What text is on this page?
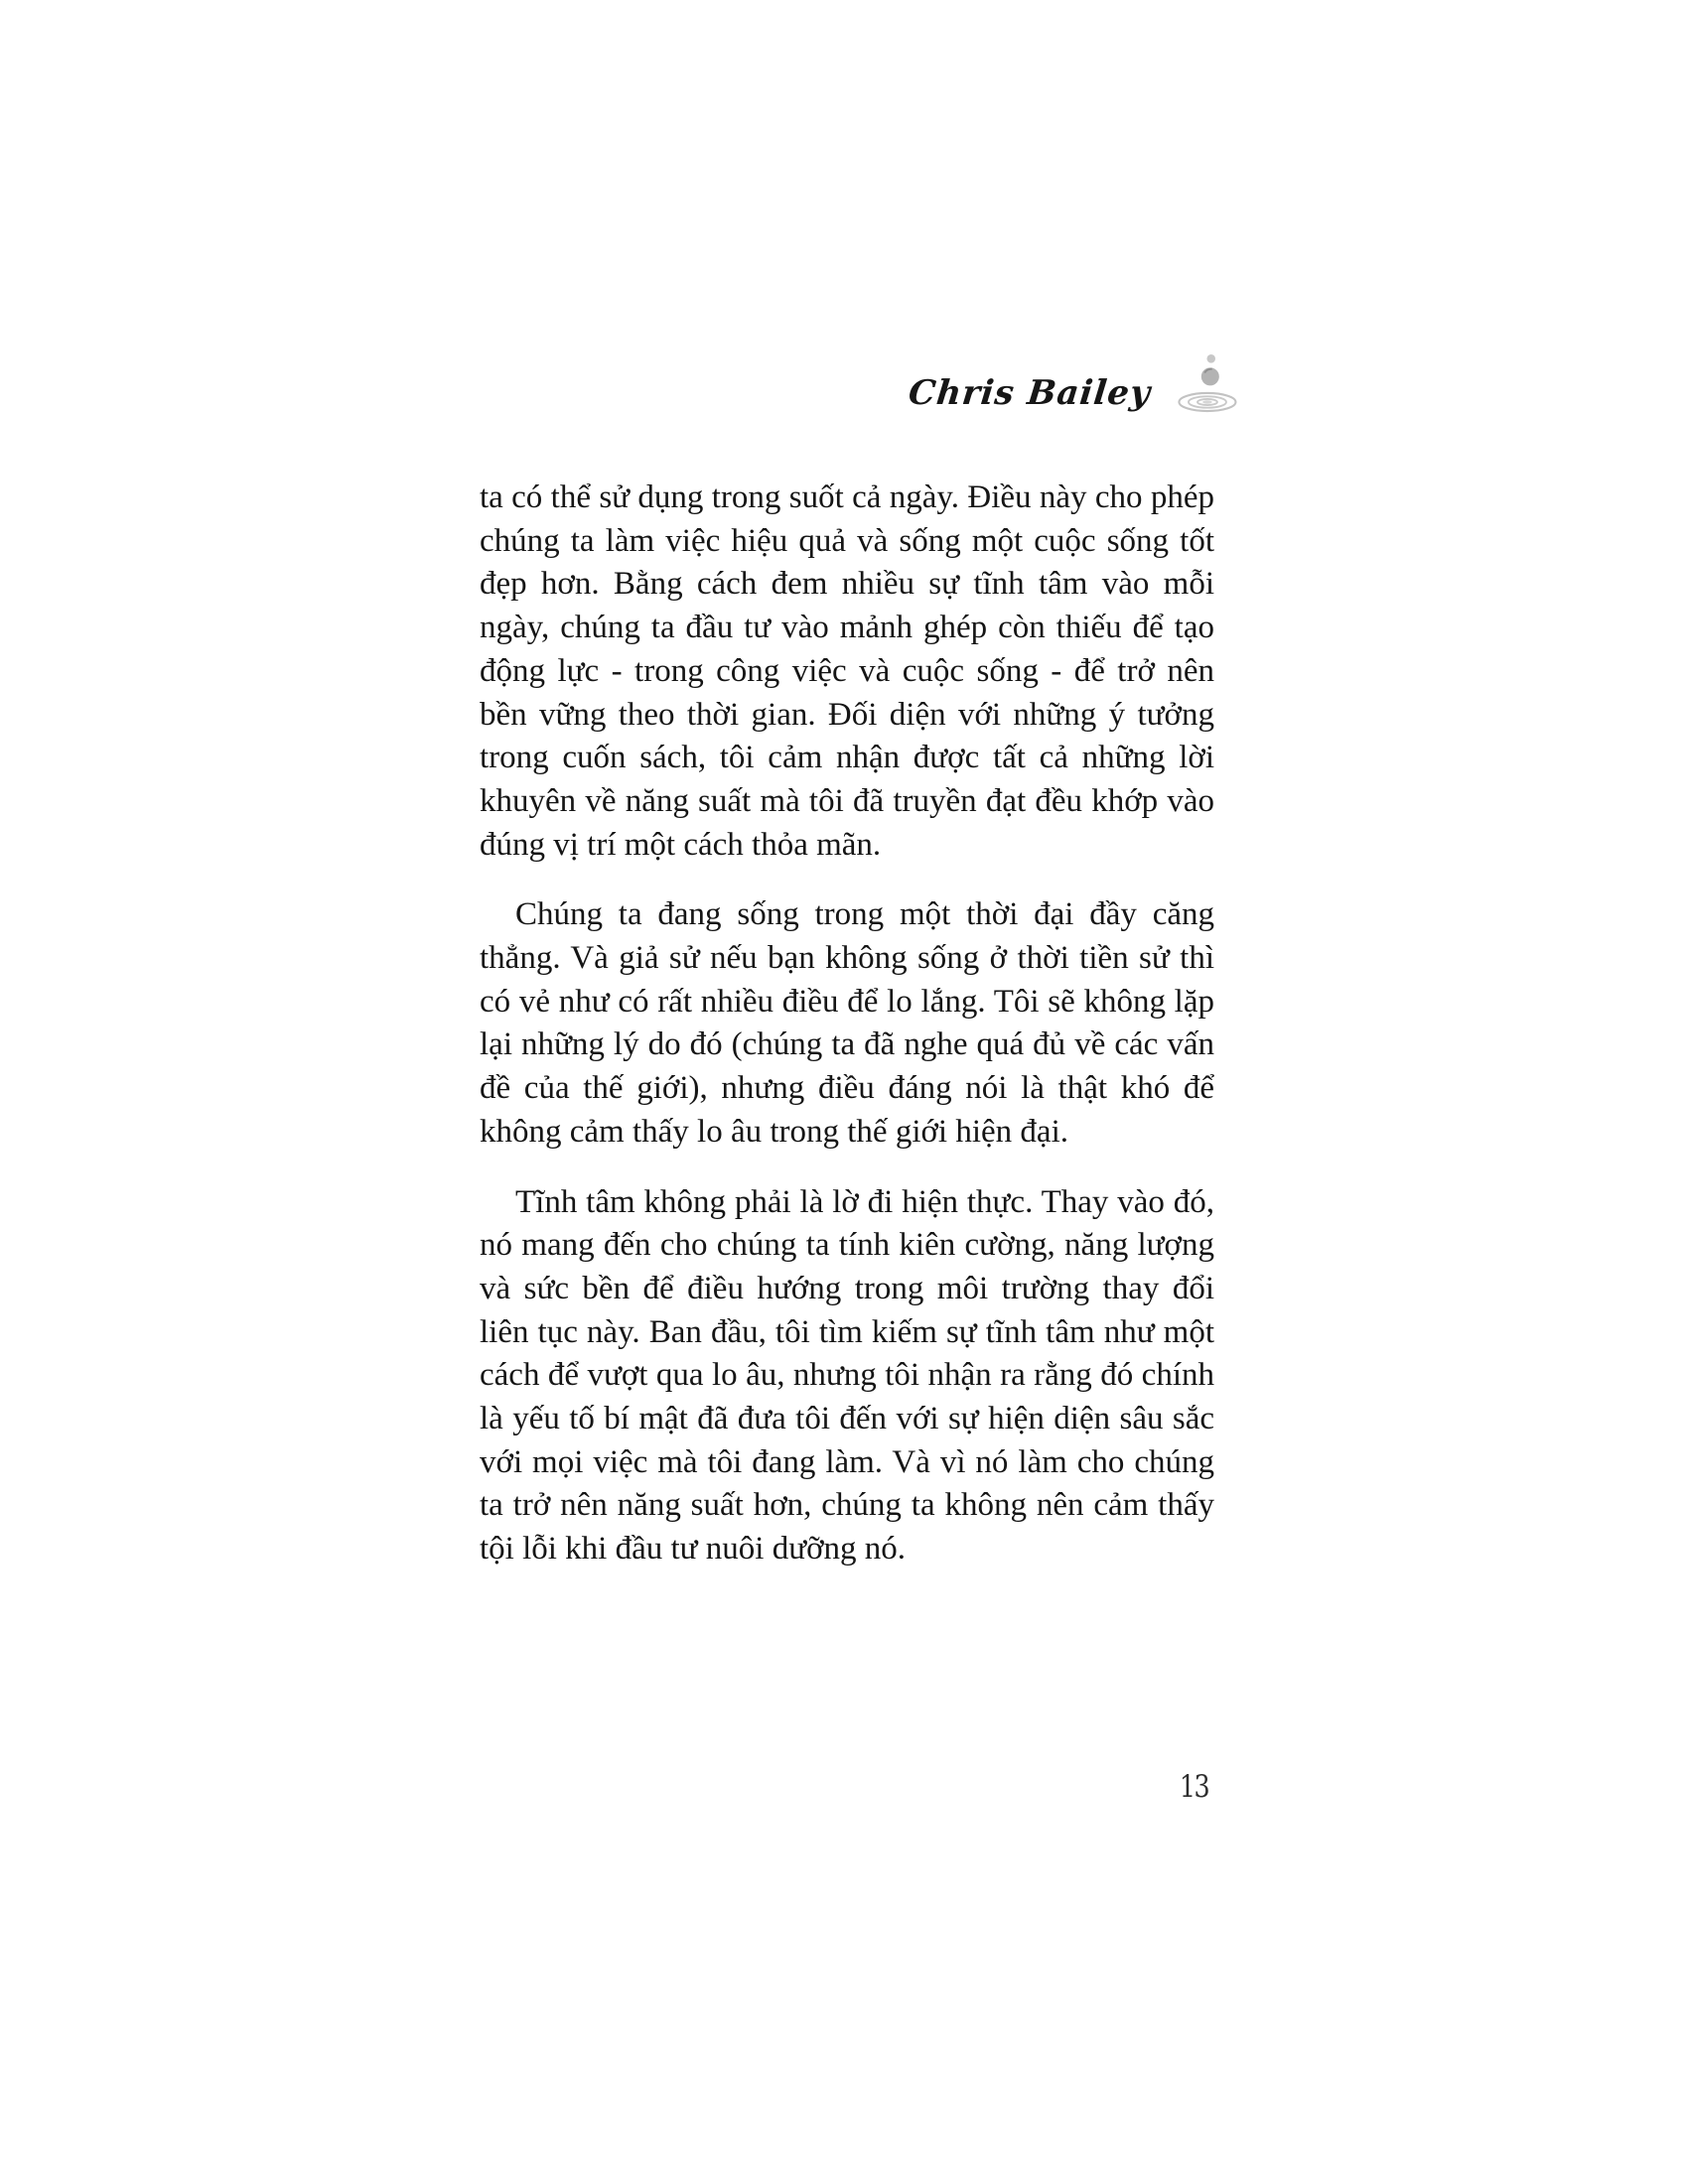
Chris Bailey

ta có thể sử dụng trong suốt cả ngày. Điều này cho phép chúng ta làm việc hiệu quả và sống một cuộc sống tốt đẹp hơn. Bằng cách đem nhiều sự tĩnh tâm vào mỗi ngày, chúng ta đầu tư vào mảnh ghép còn thiếu để tạo động lực - trong công việc và cuộc sống - để trở nên bền vững theo thời gian. Đối diện với những ý tưởng trong cuốn sách, tôi cảm nhận được tất cả những lời khuyên về năng suất mà tôi đã truyền đạt đều khớp vào đúng vị trí một cách thỏa mãn.

Chúng ta đang sống trong một thời đại đầy căng thẳng. Và giả sử nếu bạn không sống ở thời tiền sử thì có vẻ như có rất nhiều điều để lo lắng. Tôi sẽ không lặp lại những lý do đó (chúng ta đã nghe quá đủ về các vấn đề của thế giới), nhưng điều đáng nói là thật khó để không cảm thấy lo âu trong thế giới hiện đại.

Tĩnh tâm không phải là lờ đi hiện thực. Thay vào đó, nó mang đến cho chúng ta tính kiên cường, năng lượng và sức bền để điều hướng trong môi trường thay đổi liên tục này. Ban đầu, tôi tìm kiếm sự tĩnh tâm như một cách để vượt qua lo âu, nhưng tôi nhận ra rằng đó chính là yếu tố bí mật đã đưa tôi đến với sự hiện diện sâu sắc với mọi việc mà tôi đang làm. Và vì nó làm cho chúng ta trở nên năng suất hơn, chúng ta không nên cảm thấy tội lỗi khi đầu tư nuôi dưỡng nó.

13
